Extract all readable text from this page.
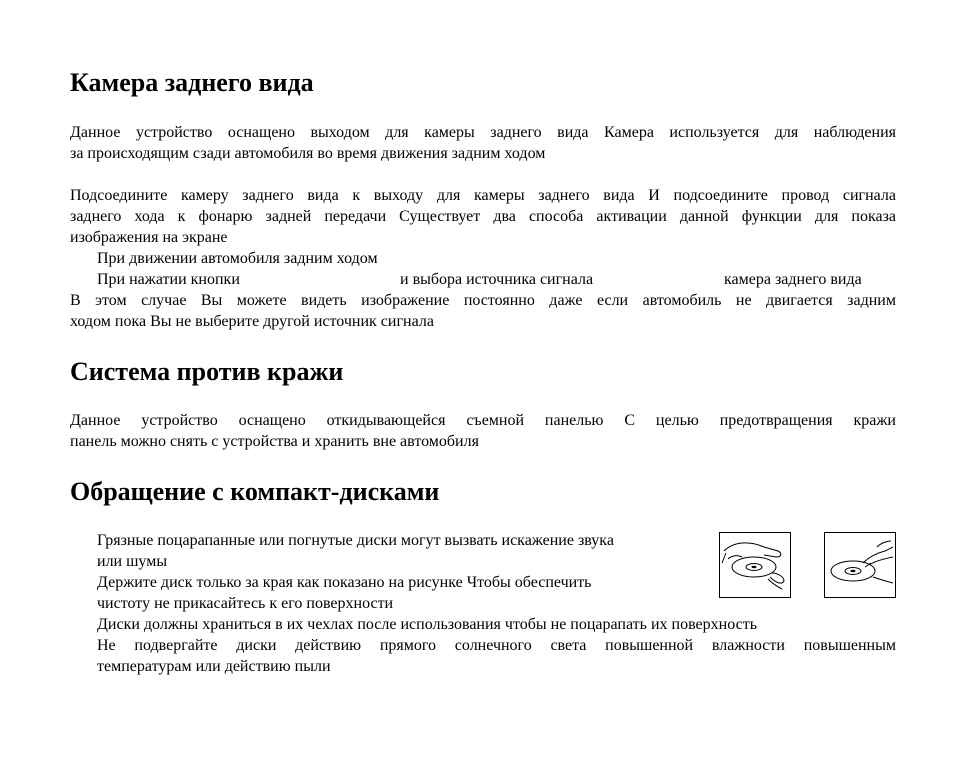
Камера заднего вида
Данное устройство оснащено выходом для камеры заднего вида Камера используется для наблюдения
за происходящим сзади автомобиля во время движения задним ходом
Подсоедините камеру заднего вида к выходу для камеры заднего вида И подсоедините провод сигнала
заднего хода к фонарю задней передачи Существует два способа активации данной функции для показа
изображения на экране
При движении автомобиля задним ходом
При нажатии кнопки	и выбора источника сигнала	камера заднего вида
В этом случае Вы можете видеть изображение постоянно даже если автомобиль не двигается задним
ходом пока Вы не выберите другой источник сигнала
Система против кражи
Данное устройство оснащено откидывающейся съемной панелью С целью предотвращения кражи
панель можно снять с устройства и хранить вне автомобиля
Обращение с компакт-дисками
Грязные поцарапанные или погнутые диски могут вызвать искажение звука
или шумы
Держите диск только за края как показано на рисунке Чтобы обеспечить
чистоту не прикасайтесь к его поверхности
Диски должны храниться в их чехлах после использования чтобы не поцарапать их поверхность
Не подвергайте диски действию прямого солнечного света повышенной влажности повышенным
температурам или действию пыли
